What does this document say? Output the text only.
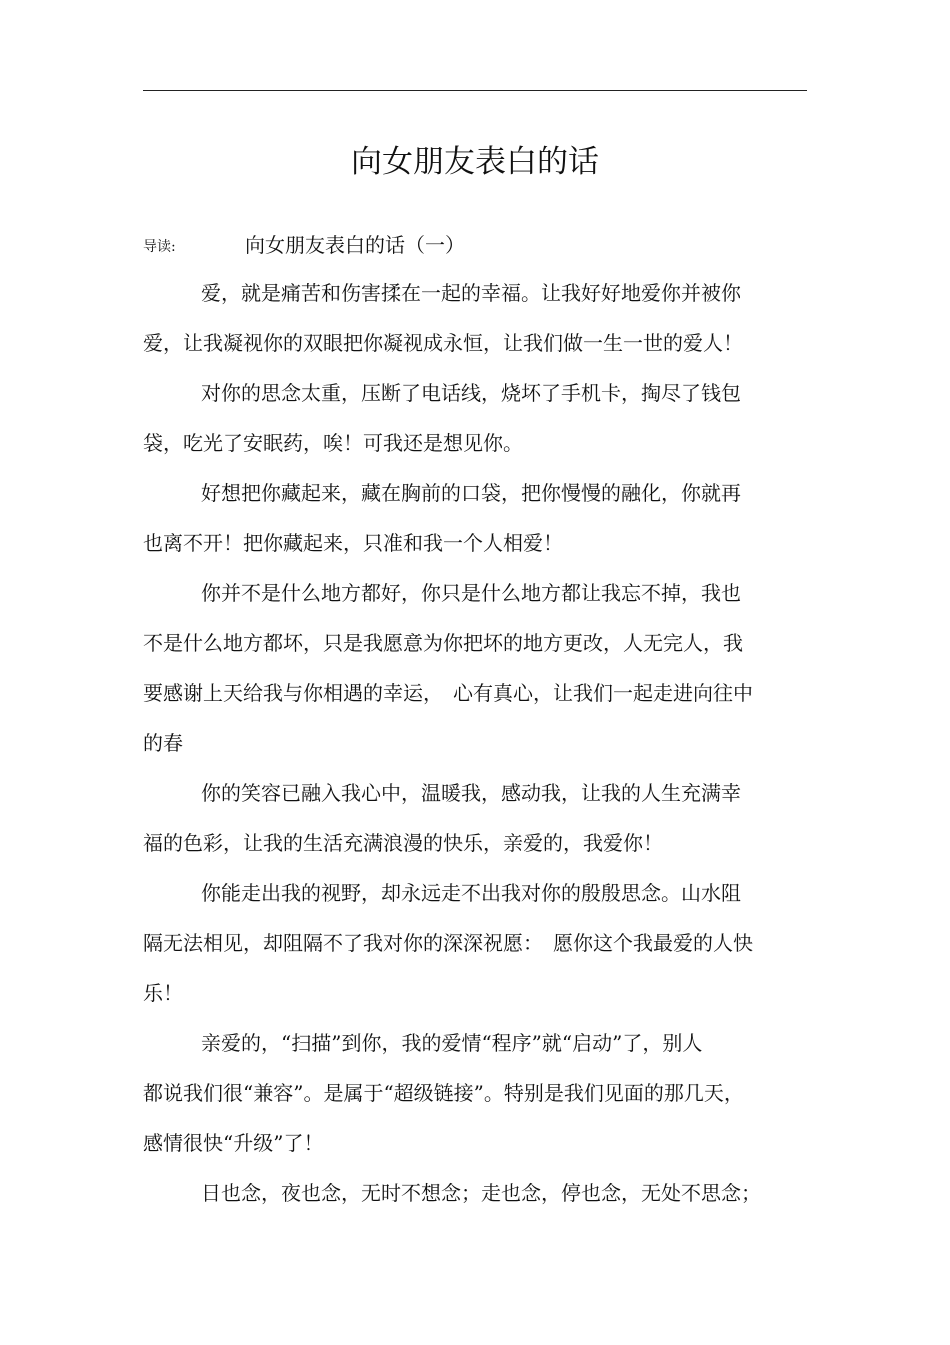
向女朋友表白的话
导读:	向女朋友表白的话（一）

爱，就是痛苦和伤害揉在一起的幸福。让我好好地爱你并被你
爱，让我凝视你的双眼把你凝视成永恒，让我们做一生一世的爱人！

对你的思念太重，压断了电话线，烧坏了手机卡，掏尽了钱包
袋，吃光了安眠药，唉！可我还是想见你。

好想把你藏起来，藏在胸前的口袋，把你慢慢的融化，你就再
也离不开！把你藏起来，只准和我一个人相爱！

你并不是什么地方都好，你只是什么地方都让我忘不掉，我也
不是什么地方都坏，只是我愿意为你把坏的地方更改，人无完人，我
要感谢上天给我与你相遇的幸运，　心有真心，让我们一起走进向往中
的春

你的笑容已融入我心中，温暖我，感动我，让我的人生充满幸
福的色彩，让我的生活充满浪漫的快乐，亲爱的，我爱你！

你能走出我的视野，却永远走不出我对你的殷殷思念。山水阻
隔无法相见，却阻隔不了我对你的深深祝愿：　愿你这个我最爱的人快
乐！

亲爱的，“扫描”到你，我的爱情“程序”就“启动”了，别人
都说我们很“兼容”。是属于“超级链接”。特别是我们见面的那几天，
感情很快“升级”了！

日也念，夜也念，无时不想念；走也念，停也念，无处不思念；
